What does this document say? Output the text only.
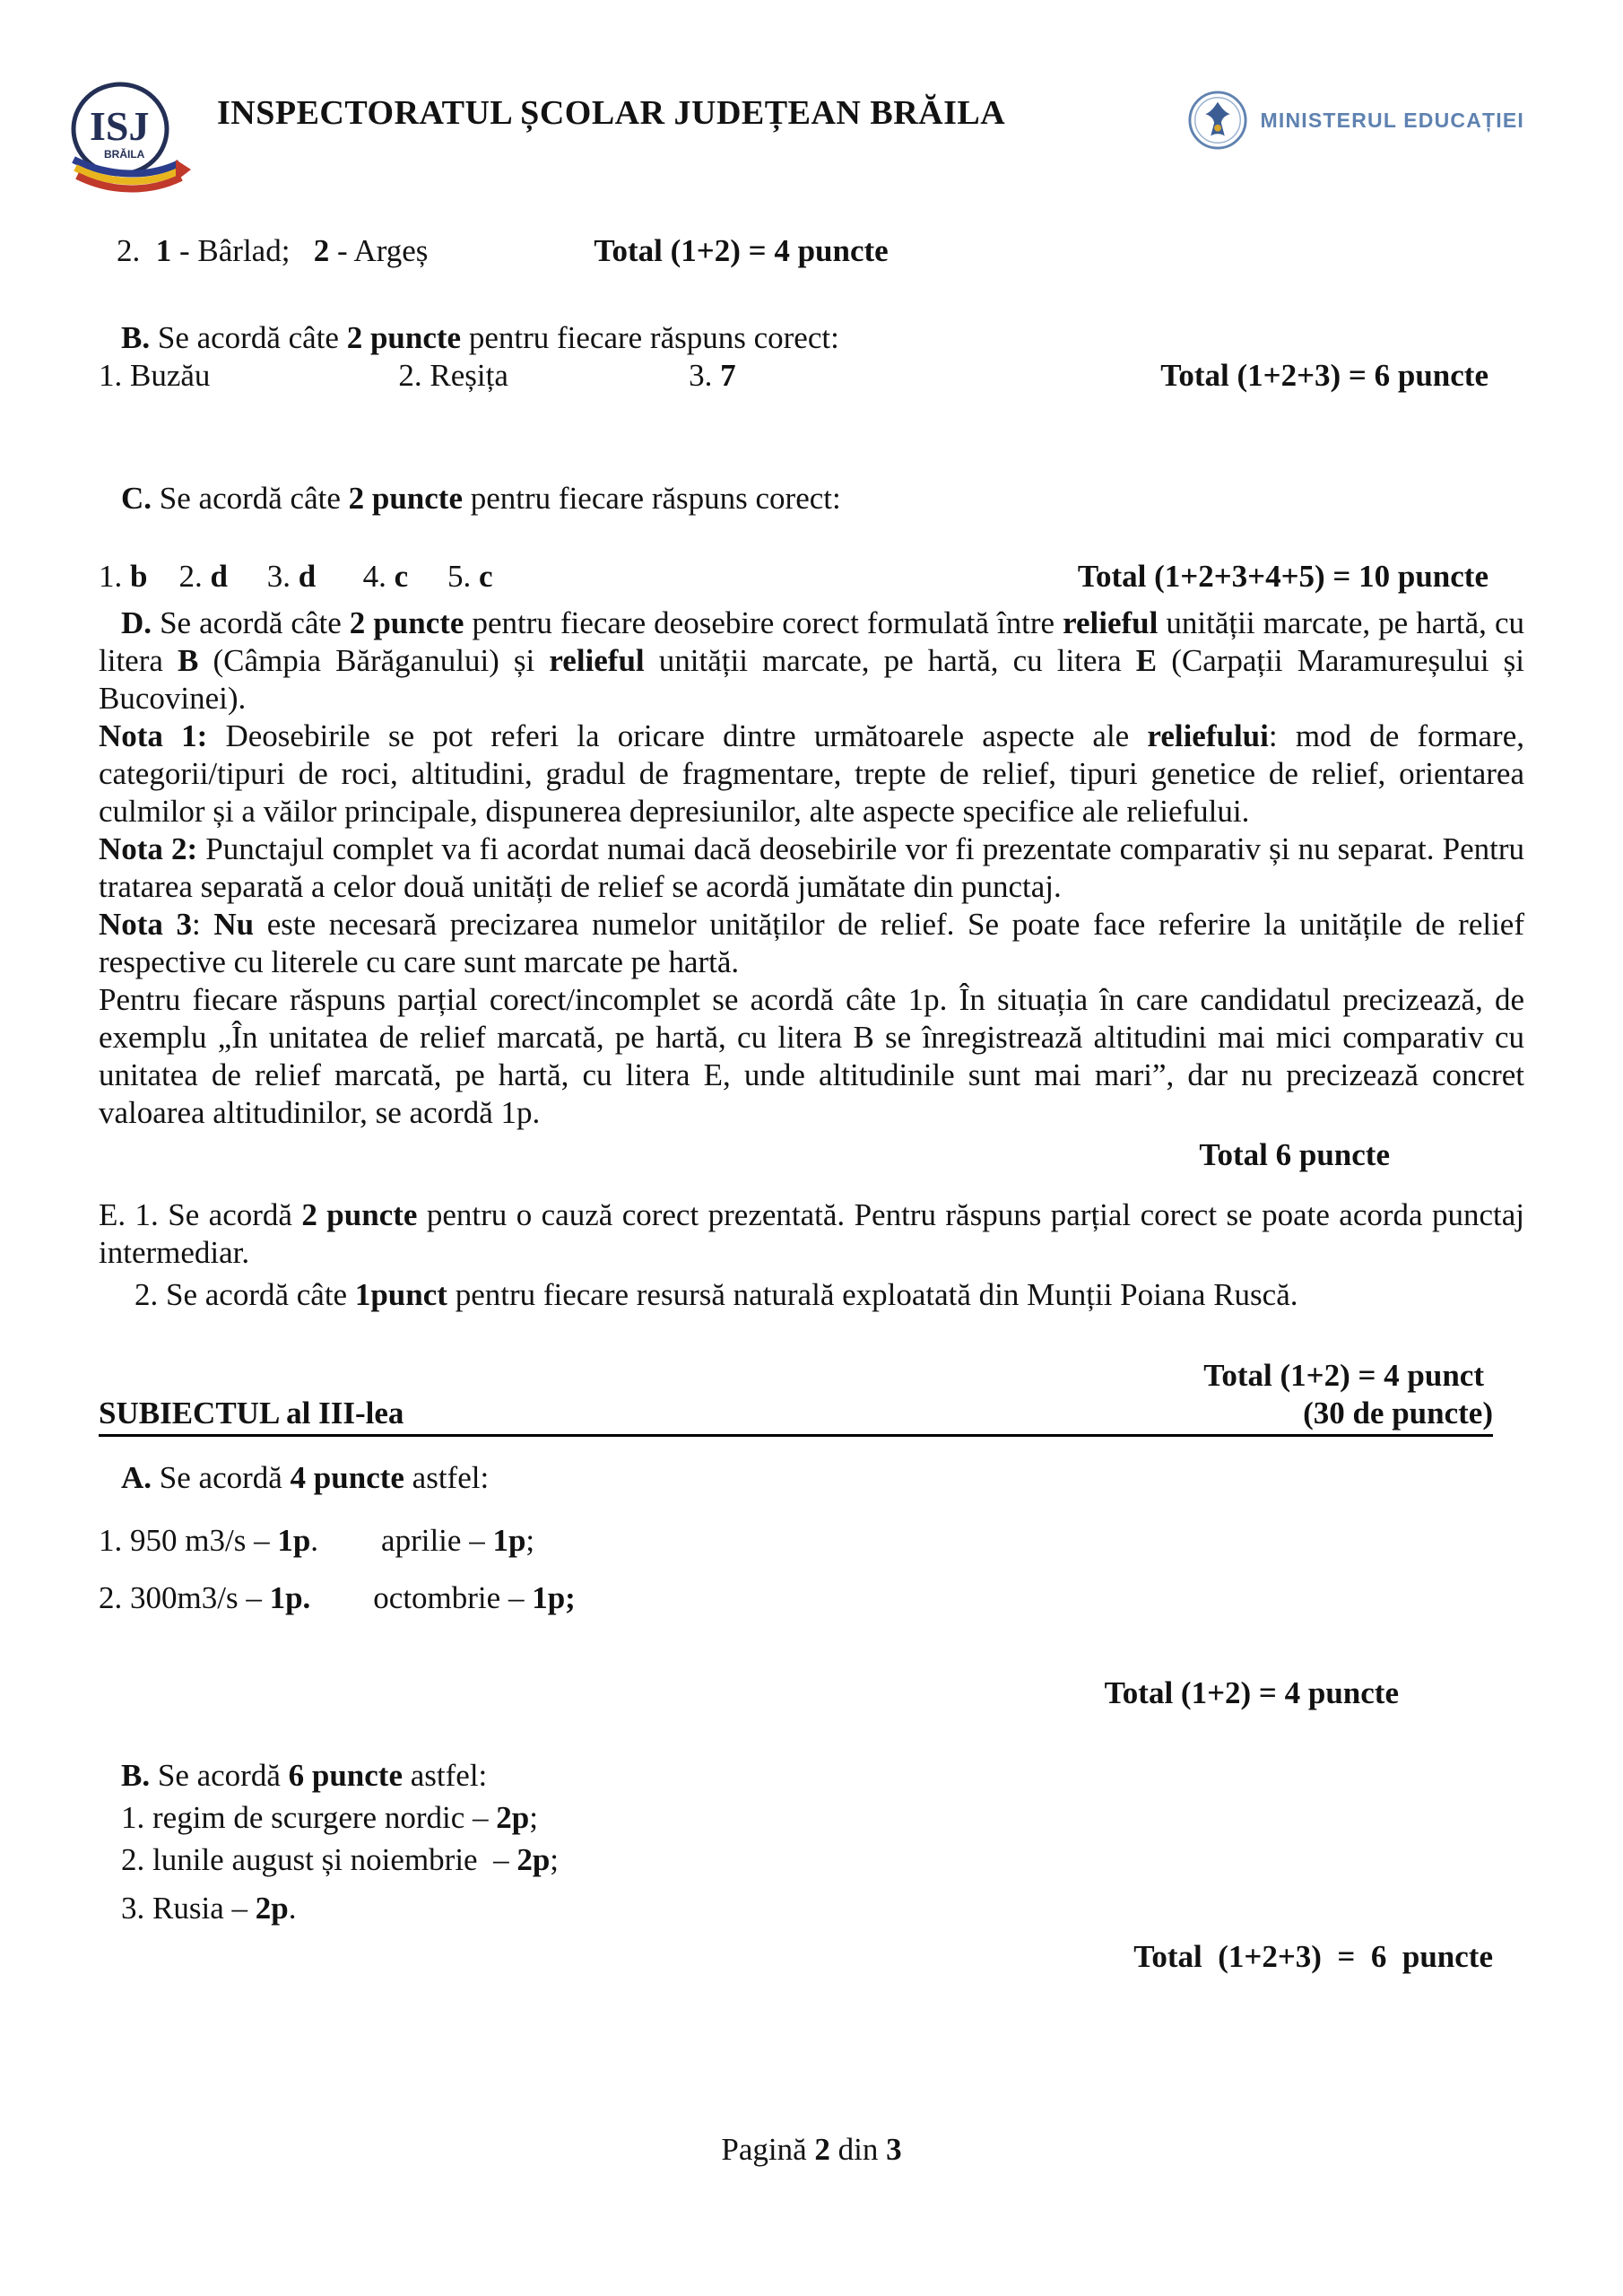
ISJ
BRĂILA
INSPECTORATUL ȘCOLAR JUDEȚEAN BRĂILA	MINISTERUL EDUCAȚIEI

2.  1 - Bârlad;   2 - Argeș	Total (1+2) = 4 puncte

B. Se acordă câte 2 puncte pentru fiecare răspuns corect:

1. Buzău                        2. Reșița                       3. 7	Total (1+2+3) = 6 puncte

C. Se acordă câte 2 puncte pentru fiecare răspuns corect:

1. b    2. d     3. d      4. c     5. c	Total (1+2+3+4+5) = 10 puncte

D. Se acordă câte 2 puncte pentru fiecare deosebire corect formulată între relieful unității marcate, pe hartă, cu litera B (Câmpia Bărăganului) și relieful unității marcate, pe hartă, cu litera E (Carpații Maramureșului și Bucovinei).

Nota 1: Deosebirile se pot referi la oricare dintre următoarele aspecte ale reliefului: mod de formare, categorii/tipuri de roci, altitudini, gradul de fragmentare, trepte de relief, tipuri genetice de relief, orientarea culmilor și a văilor principale, dispunerea depresiunilor, alte aspecte specifice ale reliefului.

Nota 2: Punctajul complet va fi acordat numai dacă deosebirile vor fi prezentate comparativ și nu separat. Pentru tratarea separată a celor două unități de relief se acordă jumătate din punctaj.

Nota 3: Nu este necesară precizarea numelor unităților de relief. Se poate face referire la unitățile de relief respective cu literele cu care sunt marcate pe hartă.

Pentru fiecare răspuns parțial corect/incomplet se acordă câte 1p. În situația în care candidatul precizează, de exemplu „În unitatea de relief marcată, pe hartă, cu litera B se înregistrează altitudini mai mici comparativ cu unitatea de relief marcată, pe hartă, cu litera E, unde altitudinile sunt mai mari”, dar nu precizează concret valoarea altitudinilor, se acordă 1p.

Total 6 puncte

E. 1. Se acordă 2 puncte pentru o cauză corect prezentată. Pentru răspuns parțial corect se poate acorda punctaj intermediar.

2. Se acordă câte 1punct pentru fiecare resursă naturală exploatată din Munții Poiana Ruscă.

Total (1+2) = 4 punct

SUBIECTUL al III-lea	(30 de puncte)

A. Se acordă 4 puncte astfel:

1. 950 m3/s – 1p.        aprilie – 1p;

2. 300m3/s – 1p.        octombrie – 1p;

Total (1+2) = 4 puncte

B. Se acordă 6 puncte astfel:

1. regim de scurgere nordic – 2p;

2. lunile august și noiembrie  – 2p;

3. Rusia – 2p.

Total  (1+2+3)  =  6  puncte

Pagină 2 din 3
